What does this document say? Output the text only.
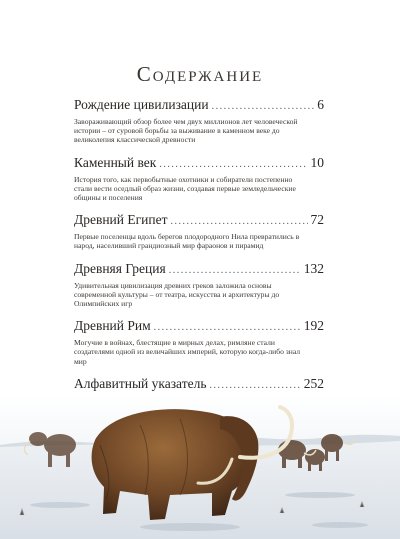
Содержание
Рождение цивилизации . . .	6
Завораживающий обзор более чем двух миллионов лет человеческой истории – от суровой борьбы за выживание в каменном веке до великолепия классической древности
Каменный век . . .	10
История того, как первобытные охотники и собиратели постепенно стали вести оседлый образ жизни, создавая первые земледельческие общины и поселения
Древний Египет . . .	72
Первые поселенцы вдоль берегов плодородного Нила превратились в народ, населивший грандиозный мир фараонов и пирамид
Древняя Греция . . .	132
Удивительная цивилизация древних греков заложила основы современной культуры – от театра, искусства и архитектуры до Олимпийских игр
Древний Рим . . .	192
Могучие в войнах, блестящие в мирных делах, римляне стали создателями одной из величайших империй, которую когда-либо знал мир
Алфавитный указатель . . .	252
